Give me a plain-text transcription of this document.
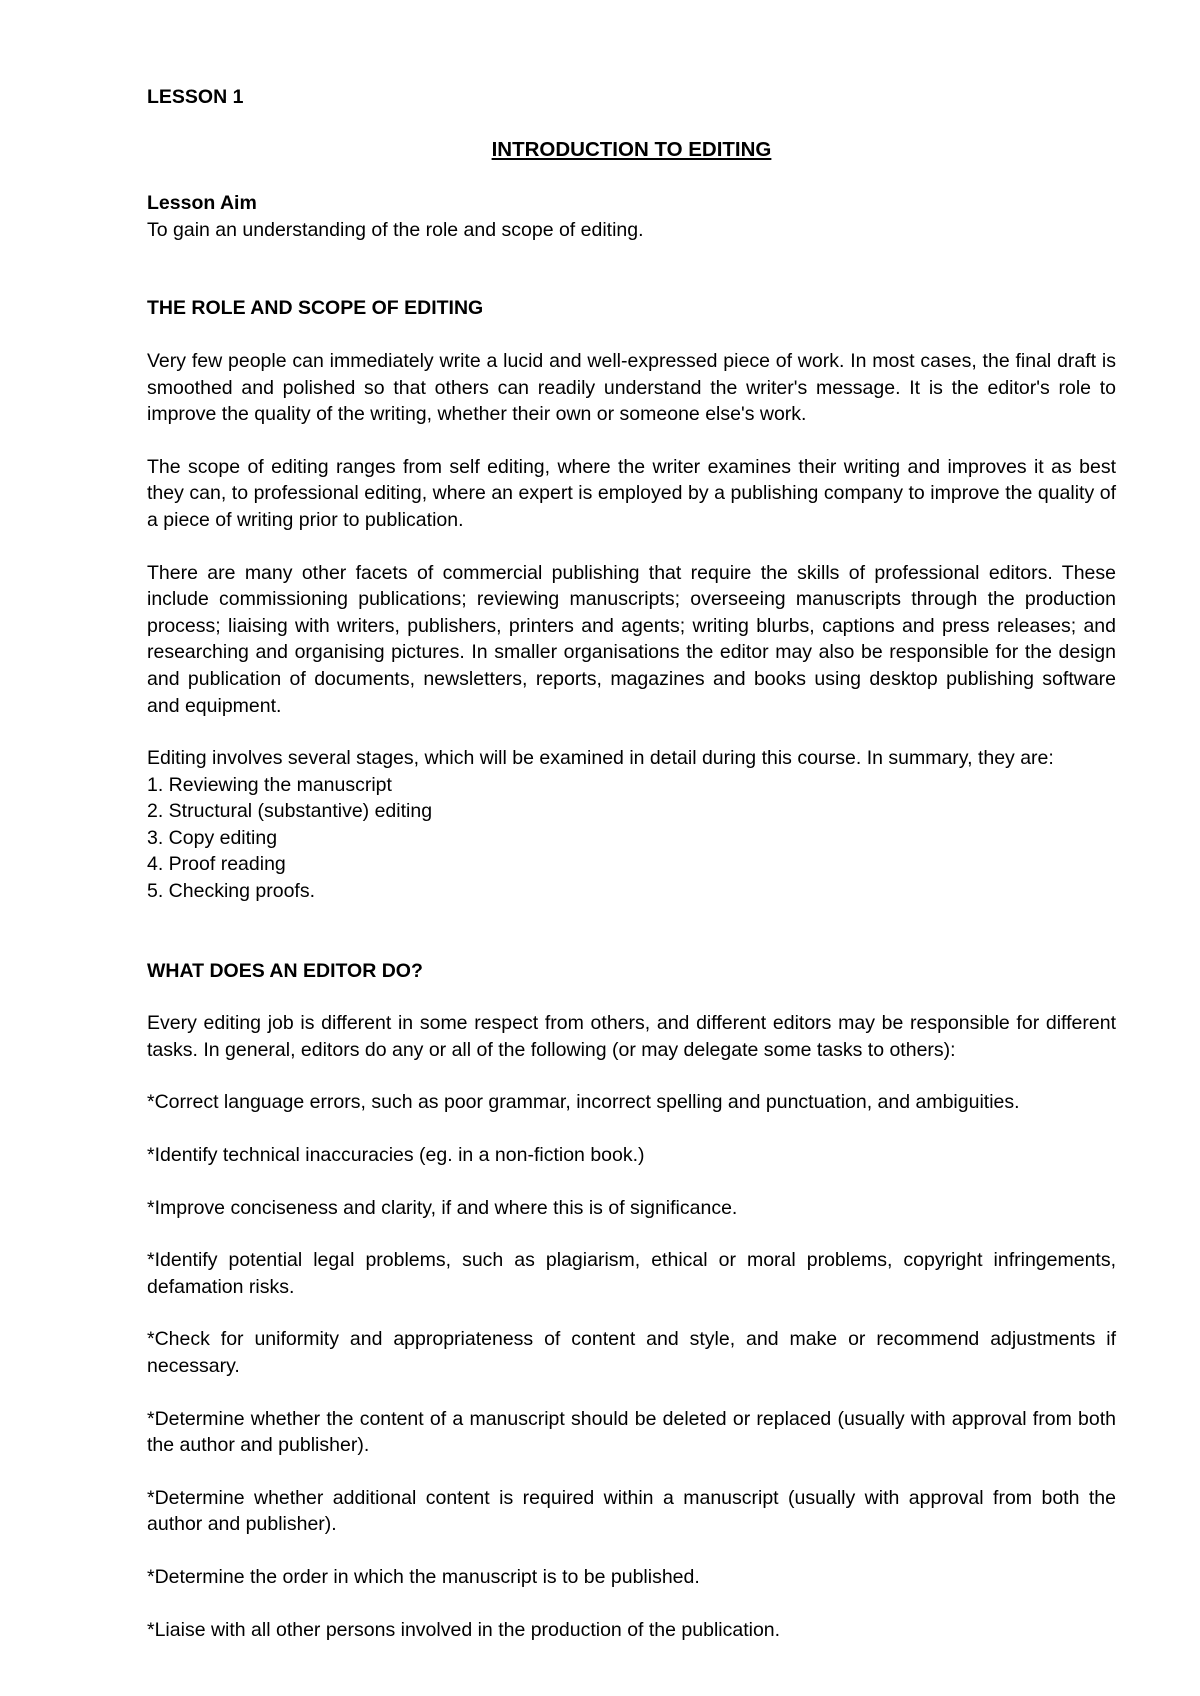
LESSON 1

INTRODUCTION TO EDITING

Lesson Aim

To gain an understanding of the role and scope of editing.

THE ROLE AND SCOPE OF EDITING

Very few people can immediately write a lucid and well-expressed piece of work. In most cases, the final draft is smoothed and polished so that others can readily understand the writer's message. It is the editor's role to improve the quality of the writing, whether their own or someone else's work.

The scope of editing ranges from self editing, where the writer examines their writing and improves it as best they can, to professional editing, where an expert is employed by a publishing company to improve the quality of a piece of writing prior to publication.

There are many other facets of commercial publishing that require the skills of professional editors. These include commissioning publications; reviewing manuscripts; overseeing manuscripts through the production process; liaising with writers, publishers, printers and agents; writing blurbs, captions and press releases; and researching and organising pictures. In smaller organisations the editor may also be responsible for the design and publication of documents, newsletters, reports, magazines and books using desktop publishing software and equipment.

Editing involves several stages, which will be examined in detail during this course. In summary, they are:

1. Reviewing the manuscript

2. Structural (substantive) editing

3. Copy editing

4. Proof reading

5. Checking proofs.

WHAT DOES AN EDITOR DO?

Every editing job is different in some respect from others, and different editors may be responsible for different tasks. In general, editors do any or all of the following (or may delegate some tasks to others):

*Correct language errors, such as poor grammar, incorrect spelling and punctuation, and ambiguities.

*Identify technical inaccuracies (eg. in a non-fiction book.)

*Improve conciseness and clarity, if and where this is of significance.

*Identify potential legal problems, such as plagiarism, ethical or moral problems, copyright infringements, defamation risks.

*Check for uniformity and appropriateness of content and style, and make or recommend adjustments if necessary.

*Determine whether the content of a manuscript should be deleted or replaced (usually with approval from both the author and publisher).

*Determine whether additional content is required within a manuscript (usually with approval from both the author and publisher).

*Determine the order in which the manuscript is to be published.

*Liaise with all other persons involved in the production of the publication.
